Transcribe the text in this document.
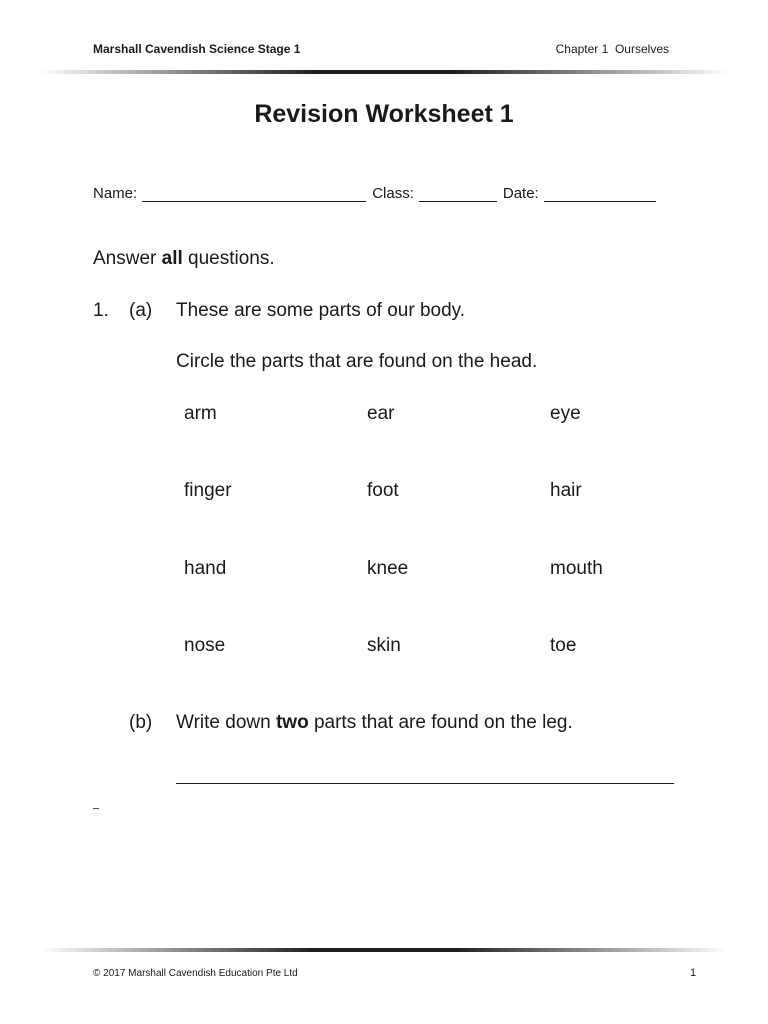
Marshall Cavendish Science Stage 1	Chapter 1  Ourselves
Revision Worksheet 1
Name:	Class:	Date:
Answer all questions.
1. (a) These are some parts of our body.
Circle the parts that are found on the head.
arm	ear	eye
finger	foot	hair
hand	knee	mouth
nose	skin	toe
(b) Write down two parts that are found on the leg.
© 2017 Marshall Cavendish Education Pte Ltd	1
